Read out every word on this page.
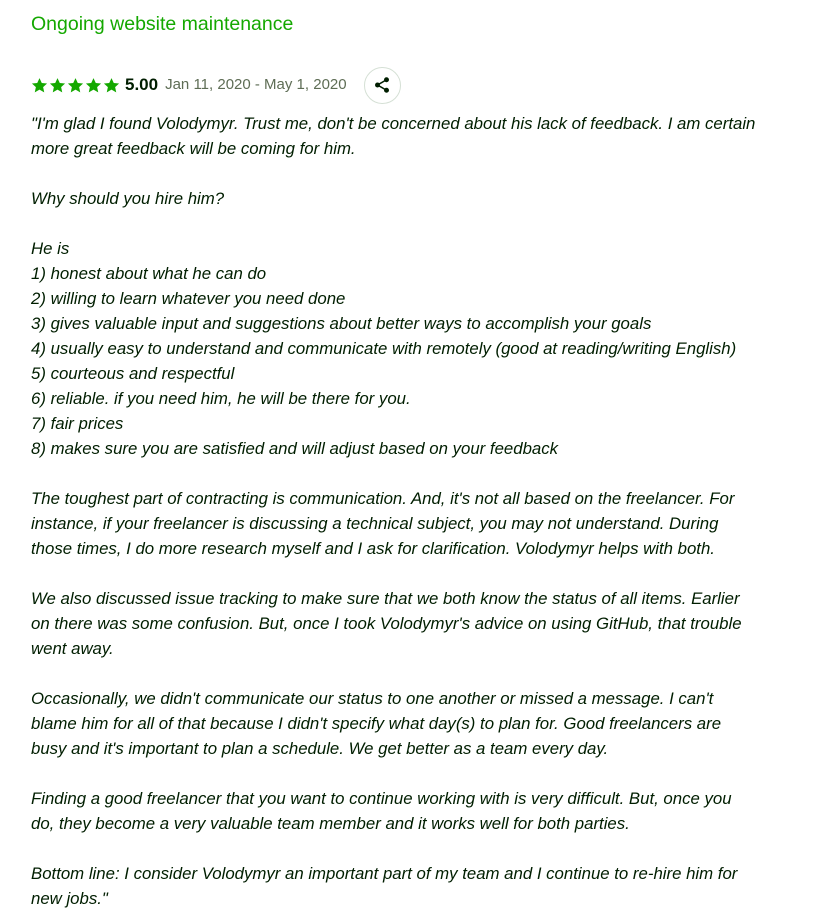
Ongoing website maintenance
5.00 Jan 11, 2020 - May 1, 2020
"I'm glad I found Volodymyr. Trust me, don't be concerned about his lack of feedback. I am certain
more great feedback will be coming for him.
Why should you hire him?
He is
1) honest about what he can do
2) willing to learn whatever you need done
3) gives valuable input and suggestions about better ways to accomplish your goals
4) usually easy to understand and communicate with remotely (good at reading/writing English)
5) courteous and respectful
6) reliable. if you need him, he will be there for you.
7) fair prices
8) makes sure you are satisfied and will adjust based on your feedback
The toughest part of contracting is communication. And, it's not all based on the freelancer. For
instance, if your freelancer is discussing a technical subject, you may not understand. During
those times, I do more research myself and I ask for clarification. Volodymyr helps with both.
We also discussed issue tracking to make sure that we both know the status of all items. Earlier
on there was some confusion. But, once I took Volodymyr's advice on using GitHub, that trouble
went away.
Occasionally, we didn't communicate our status to one another or missed a message. I can't
blame him for all of that because I didn't specify what day(s) to plan for. Good freelancers are
busy and it's important to plan a schedule. We get better as a team every day.
Finding a good freelancer that you want to continue working with is very difficult. But, once you
do, they become a very valuable team member and it works well for both parties.
Bottom line: I consider Volodymyr an important part of my team and I continue to re-hire him for
new jobs."
